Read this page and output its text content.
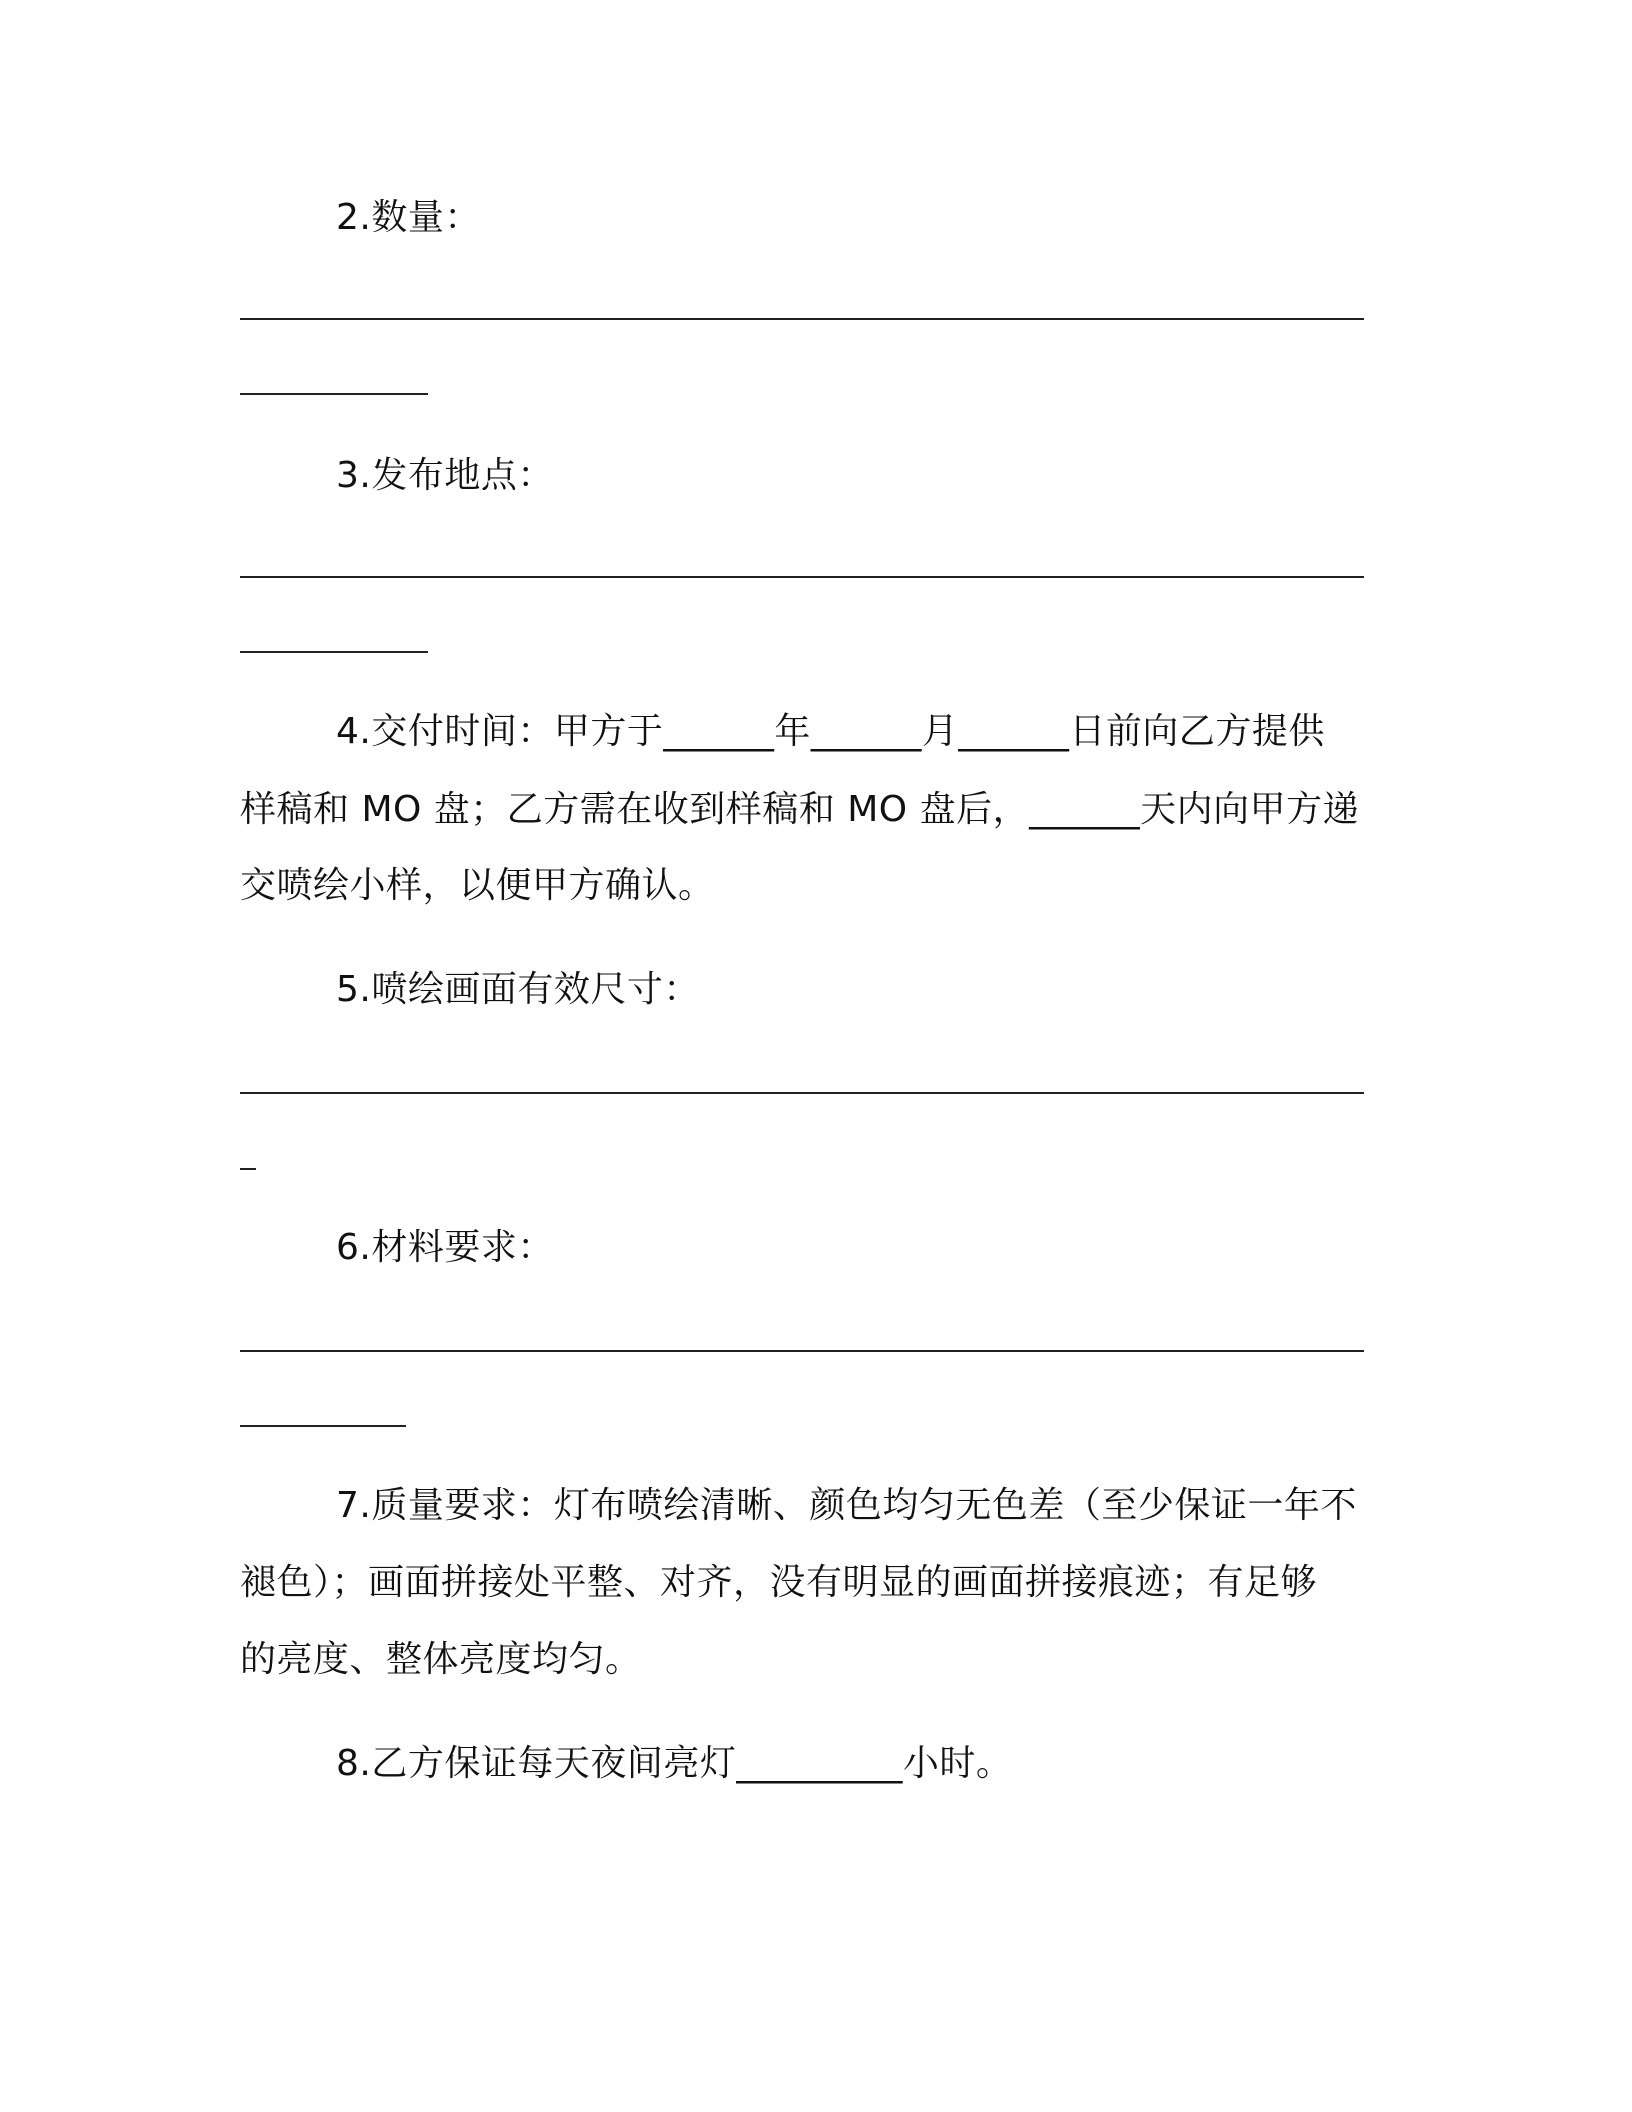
2.数量：
3.发布地点：
4.交付时间：甲方于______年______月______日前向乙方提供
样稿和 MO 盘；乙方需在收到样稿和 MO 盘后，______天内向甲方递
交喷绘小样，以便甲方确认。
5.喷绘画面有效尺寸：
6.材料要求：
7.质量要求：灯布喷绘清晰、颜色均匀无色差（至少保证一年不
褪色）；画面拼接处平整、对齐，没有明显的画面拼接痕迹；有足够
的亮度、整体亮度均匀。
8.乙方保证每天夜间亮灯_________小时。
